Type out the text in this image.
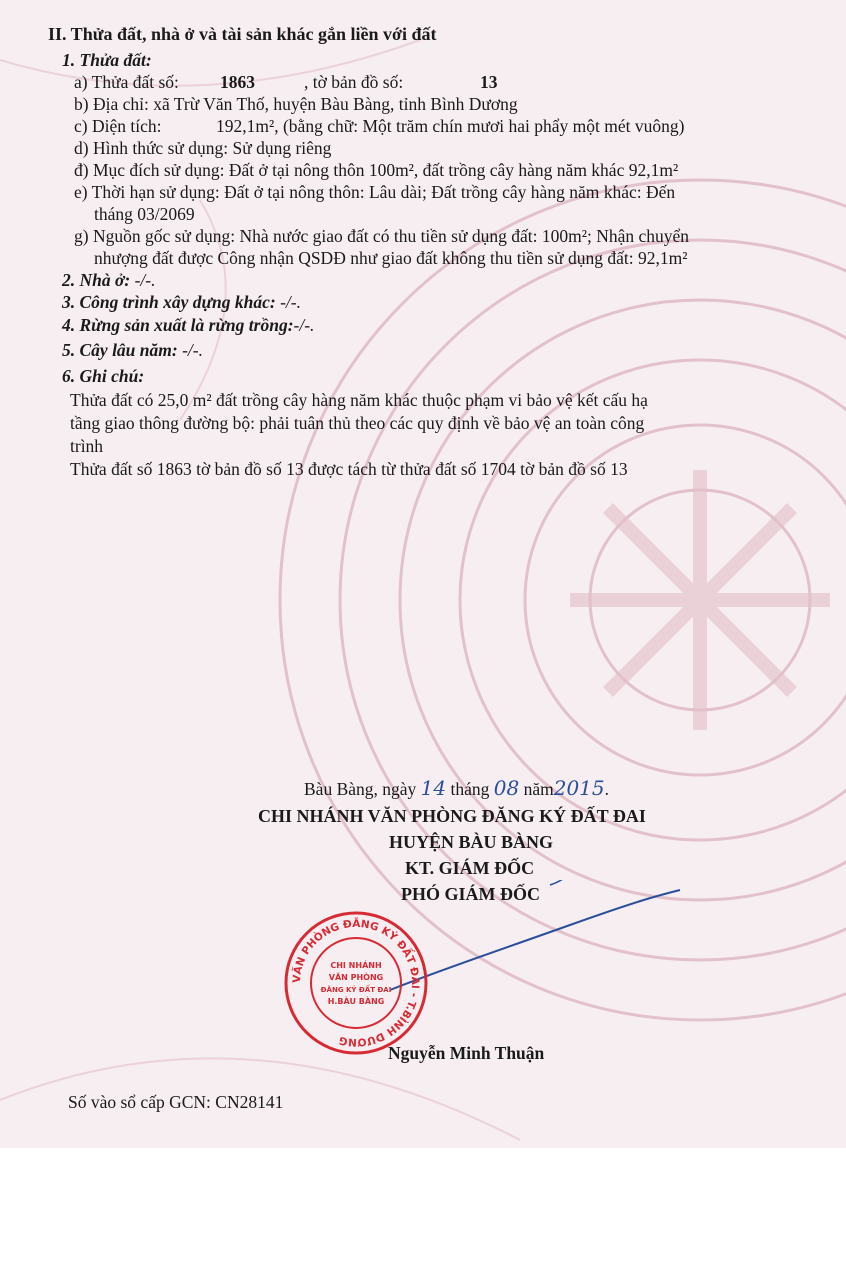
II. Thửa đất, nhà ở và tài sản khác gắn liền với đất
1. Thửa đất:
a) Thửa đất số: 1863	, tờ bản đồ số:	13
b) Địa chỉ: xã Trừ Văn Thố, huyện Bàu Bàng, tỉnh Bình Dương
c) Diện tích:	192,1m², (bằng chữ: Một trăm chín mươi hai phẩy một mét vuông)
d) Hình thức sử dụng: Sử dụng riêng
đ) Mục đích sử dụng: Đất ở tại nông thôn 100m², đất trồng cây hàng năm khác 92,1m²
e) Thời hạn sử dụng: Đất ở tại nông thôn: Lâu dài; Đất trồng cây hàng năm khác: Đến
tháng 03/2069
g) Nguồn gốc sử dụng: Nhà nước giao đất có thu tiền sử dụng đất: 100m²; Nhận chuyển
nhượng đất được Công nhận QSDĐ như giao đất không thu tiền sử dụng đất: 92,1m²
2. Nhà ở: -/-.
3. Công trình xây dựng khác: -/-.
4. Rừng sản xuất là rừng trồng:-/-.
5. Cây lâu năm: -/-.
6. Ghi chú:
Thửa đất có 25,0 m² đất trồng cây hàng năm khác thuộc phạm vi bảo vệ kết cấu hạ
tầng giao thông đường bộ: phải tuân thủ theo các quy định về bảo vệ an toàn công
trình
Thửa đất số 1863 tờ bản đồ số 13 được tách từ thửa đất số 1704 tờ bản đồ số 13
Bàu Bàng, ngày 14 tháng 08 năm2015.
CHI NHÁNH VĂN PHÒNG ĐĂNG KÝ ĐẤT ĐAI
HUYỆN BÀU BÀNG
KT. GIÁM ĐỐC
PHÓ GIÁM ĐỐC
VĂN PHÒNG ĐĂNG KÝ ĐẤT ĐAI - T.BÌNH DƯƠNG
CHI NHÁNH
VĂN PHÒNG
ĐĂNG KÝ ĐẤT ĐAI
H.BÀU BÀNG
Nguyễn Minh Thuận
Số vào sổ cấp GCN: CN28141
